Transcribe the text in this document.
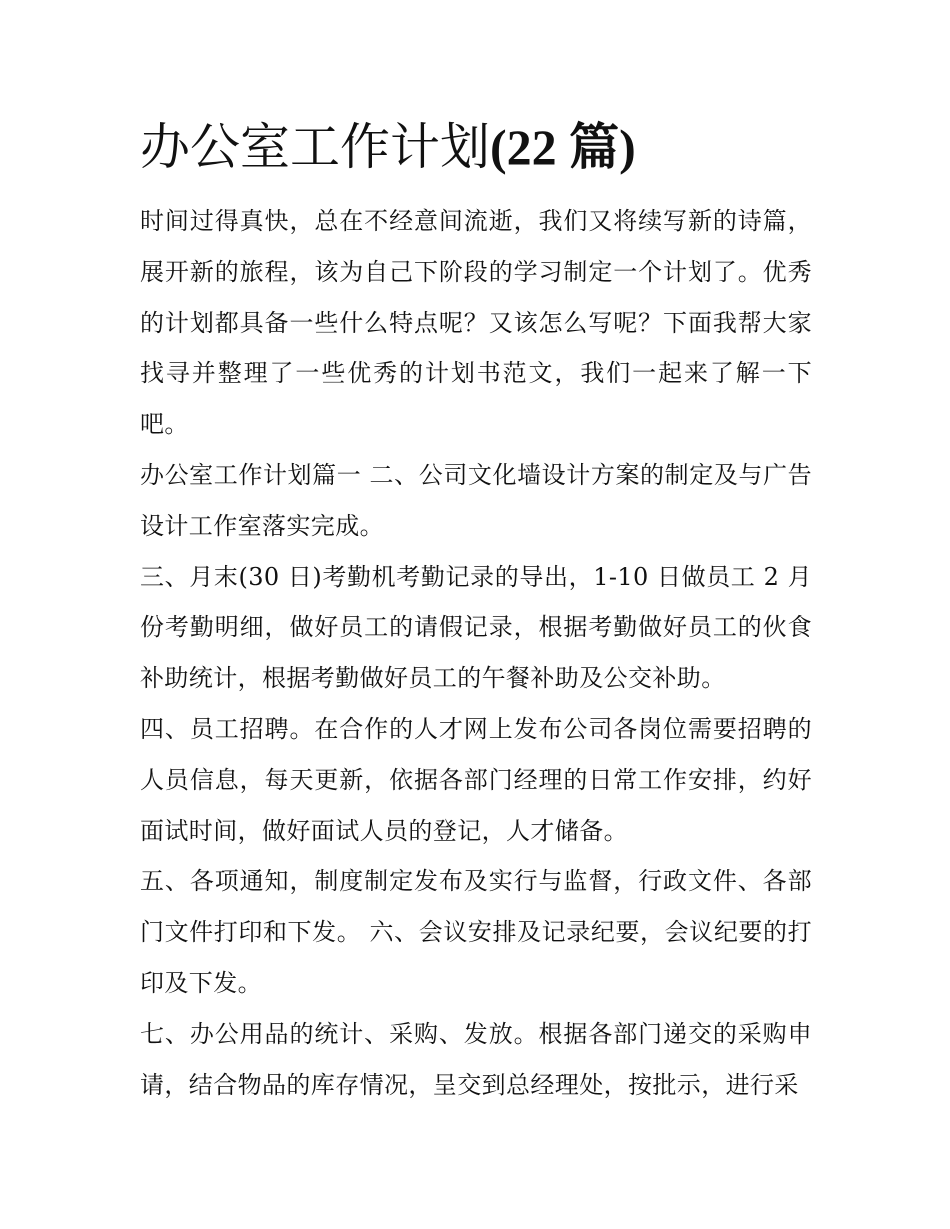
办公室工作计划(22 篇)

时间过得真快，总在不经意间流逝，我们又将续写新的诗篇，展开新的旅程，该为自己下阶段的学习制定一个计划了。优秀的计划都具备一些什么特点呢？又该怎么写呢？下面我帮大家找寻并整理了一些优秀的计划书范文，我们一起来了解一下吧。

办公室工作计划篇一 二、公司文化墙设计方案的制定及与广告设计工作室落实完成。

三、月末(30 日)考勤机考勤记录的导出，1-10 日做员工 2 月份考勤明细，做好员工的请假记录，根据考勤做好员工的伙食补助统计，根据考勤做好员工的午餐补助及公交补助。

四、员工招聘。在合作的人才网上发布公司各岗位需要招聘的人员信息，每天更新，依据各部门经理的日常工作安排，约好面试时间，做好面试人员的登记，人才储备。

五、各项通知，制度制定发布及实行与监督，行政文件、各部门文件打印和下发。 六、会议安排及记录纪要，会议纪要的打印及下发。

七、办公用品的统计、采购、发放。根据各部门递交的采购申请，结合物品的库存情况，呈交到总经理处，按批示，进行采
